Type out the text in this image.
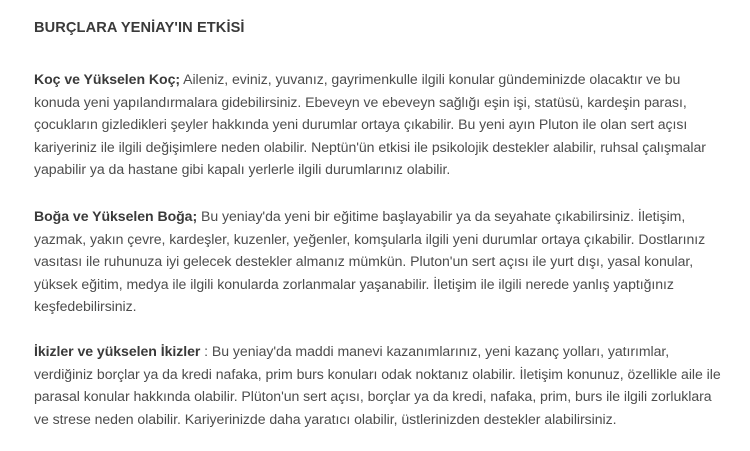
BURÇLARA YENİAY'IN ETKİSİ

Koç ve Yükselen Koç; Aileniz, eviniz, yuvanız, gayrimenkulle ilgili konular gündeminizde olacaktır ve bu konuda yeni yapılandırmalara gidebilirsiniz. Ebeveyn ve ebeveyn sağlığı eşin işi, statüsü, kardeşin parası, çocukların gizledikleri şeyler hakkında yeni durumlar ortaya çıkabilir. Bu yeni ayın Pluton ile olan sert açısı kariyeriniz ile ilgili değişimlere neden olabilir. Neptün'ün etkisi ile psikolojik destekler alabilir, ruhsal çalışmalar yapabilir ya da hastane gibi kapalı yerlerle ilgili durumlarınız olabilir.

Boğa ve Yükselen Boğa; Bu yeniay'da yeni bir eğitime başlayabilir ya da seyahate çıkabilirsiniz. İletişim, yazmak, yakın çevre, kardeşler, kuzenler, yeğenler, komşularla ilgili yeni durumlar ortaya çıkabilir. Dostlarınız vasıtası ile ruhunuza iyi gelecek destekler almanız mümkün. Pluton'un sert açısı ile yurt dışı, yasal konular, yüksek eğitim, medya ile ilgili konularda zorlanmalar yaşanabilir. İletişim ile ilgili nerede yanlış yaptığınız keşfedebilirsiniz.

İkizler ve yükselen İkizler : Bu yeniay'da maddi manevi kazanımlarınız, yeni kazanç yolları, yatırımlar, verdiğiniz borçlar ya da kredi nafaka, prim burs konuları odak noktanız olabilir. İletişim konunuz, özellikle aile ile parasal konular hakkında olabilir. Plüton'un sert açısı, borçlar ya da kredi, nafaka, prim, burs ile ilgili zorluklara ve strese neden olabilir. Kariyerinizde daha yaratıcı olabilir, üstlerinizden destekler alabilirsiniz.
